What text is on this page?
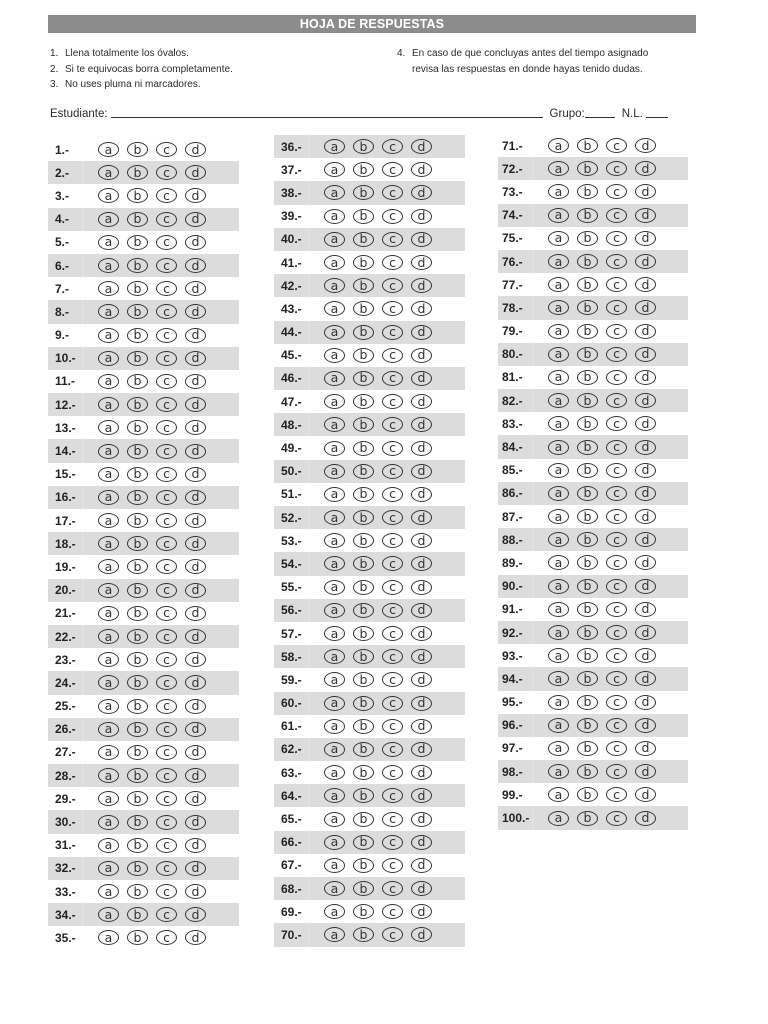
HOJA DE RESPUESTAS
1. Llena totalmente los óvalos.
2. Si te equivocas borra completamente.
3. No uses pluma ni marcadores.
4. En caso de que concluyas antes del tiempo asignado revisa las respuestas en donde hayas tenido dudas.
Estudiante:	Grupo:	N.L.
1.-	a	b	c	d
2.-	a	b	c	d
3.-	a	b	c	d
4.-	a	b	c	d
5.-	a	b	c	d
6.-	a	b	c	d
7.-	a	b	c	d
8.-	a	b	c	d
9.-	a	b	c	d
10.-	a	b	c	d
11.-	a	b	c	d
12.-	a	b	c	d
13.-	a	b	c	d
14.-	a	b	c	d
15.-	a	b	c	d
16.-	a	b	c	d
17.-	a	b	c	d
18.-	a	b	c	d
19.-	a	b	c	d
20.-	a	b	c	d
21.-	a	b	c	d
22.-	a	b	c	d
23.-	a	b	c	d
24.-	a	b	c	d
25.-	a	b	c	d
26.-	a	b	c	d
27.-	a	b	c	d
28.-	a	b	c	d
29.-	a	b	c	d
30.-	a	b	c	d
31.-	a	b	c	d
32.-	a	b	c	d
33.-	a	b	c	d
34.-	a	b	c	d
35.-	a	b	c	d
36.-	a	b	c	d
37.-	a	b	c	d
38.-	a	b	c	d
39.-	a	b	c	d
40.-	a	b	c	d
41.-	a	b	c	d
42.-	a	b	c	d
43.-	a	b	c	d
44.-	a	b	c	d
45.-	a	b	c	d
46.-	a	b	c	d
47.-	a	b	c	d
48.-	a	b	c	d
49.-	a	b	c	d
50.-	a	b	c	d
51.-	a	b	c	d
52.-	a	b	c	d
53.-	a	b	c	d
54.-	a	b	c	d
55.-	a	b	c	d
56.-	a	b	c	d
57.-	a	b	c	d
58.-	a	b	c	d
59.-	a	b	c	d
60.-	a	b	c	d
61.-	a	b	c	d
62.-	a	b	c	d
63.-	a	b	c	d
64.-	a	b	c	d
65.-	a	b	c	d
66.-	a	b	c	d
67.-	a	b	c	d
68.-	a	b	c	d
69.-	a	b	c	d
70.-	a	b	c	d
71.-	a	b	c	d
72.-	a	b	c	d
73.-	a	b	c	d
74.-	a	b	c	d
75.-	a	b	c	d
76.-	a	b	c	d
77.-	a	b	c	d
78.-	a	b	c	d
79.-	a	b	c	d
80.-	a	b	c	d
81.-	a	b	c	d
82.-	a	b	c	d
83.-	a	b	c	d
84.-	a	b	c	d
85.-	a	b	c	d
86.-	a	b	c	d
87.-	a	b	c	d
88.-	a	b	c	d
89.-	a	b	c	d
90.-	a	b	c	d
91.-	a	b	c	d
92.-	a	b	c	d
93.-	a	b	c	d
94.-	a	b	c	d
95.-	a	b	c	d
96.-	a	b	c	d
97.-	a	b	c	d
98.-	a	b	c	d
99.-	a	b	c	d
100.-	a	b	c	d
